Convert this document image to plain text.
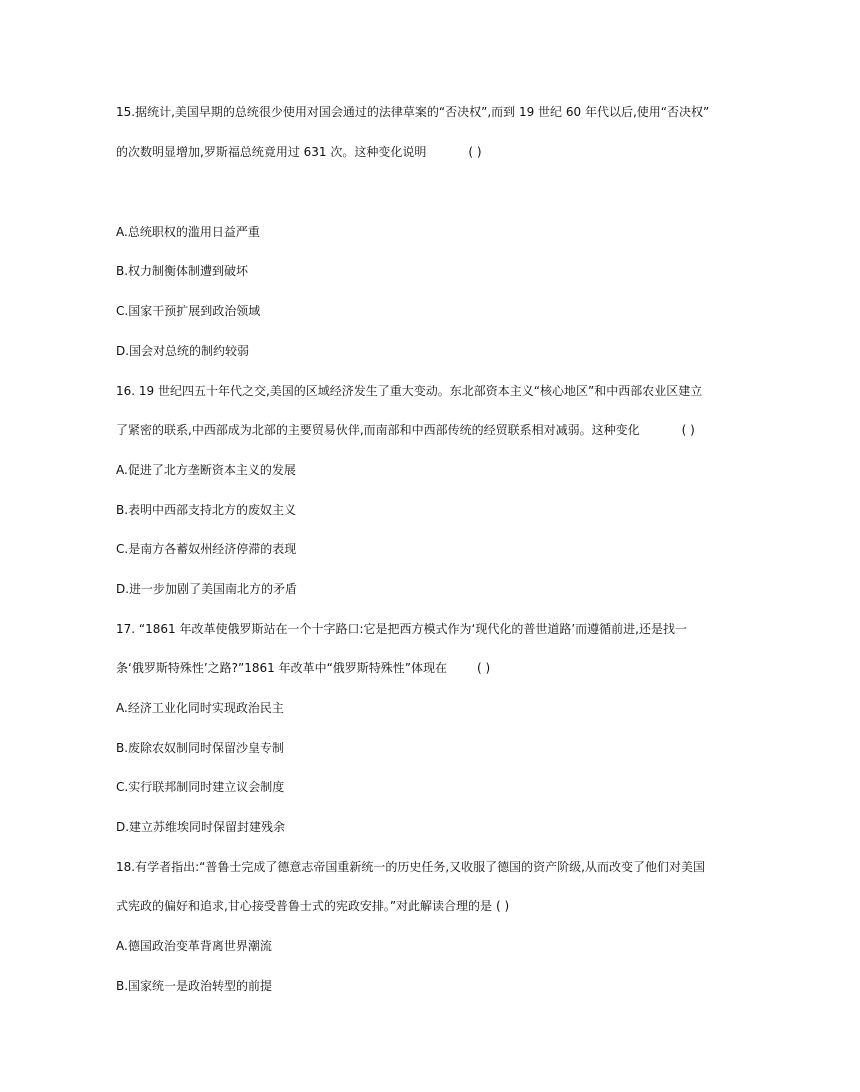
15.据统计,美国早期的总统很少使用对国会通过的法律草案的“否决权”,而到 19 世纪 60 年代以后,使用“否决权”
的次数明显增加,罗斯福总统竟用过 631 次。这种变化说明	( )
A.总统职权的滥用日益严重
B.权力制衡体制遭到破坏
C.国家干预扩展到政治领域
D.国会对总统的制约较弱
16. 19 世纪四五十年代之交,美国的区域经济发生了重大变动。东北部资本主义“核心地区”和中西部农业区建立
了紧密的联系,中西部成为北部的主要贸易伙伴,而南部和中西部传统的经贸联系相对减弱。这种变化	( )
A.促进了北方垄断资本主义的发展
B.表明中西部支持北方的废奴主义
C.是南方各蓄奴州经济停滞的表现
D.进一步加剧了美国南北方的矛盾
17. “1861 年改革使俄罗斯站在一个十字路口:它是把西方模式作为‘现代化的普世道路’而遵循前进,还是找一
条‘俄罗斯特殊性’之路?”1861 年改革中“俄罗斯特殊性”体现在	( )
A.经济工业化同时实现政治民主
B.废除农奴制同时保留沙皇专制
C.实行联邦制同时建立议会制度
D.建立苏维埃同时保留封建残余
18.有学者指出:“普鲁士完成了德意志帝国重新统一的历史任务,又收服了德国的资产阶级,从而改变了他们对美国
式宪政的偏好和追求,甘心接受普鲁士式的宪政安排。”对此解读合理的是 ( )
A.德国政治变革背离世界潮流
B.国家统一是政治转型的前提
